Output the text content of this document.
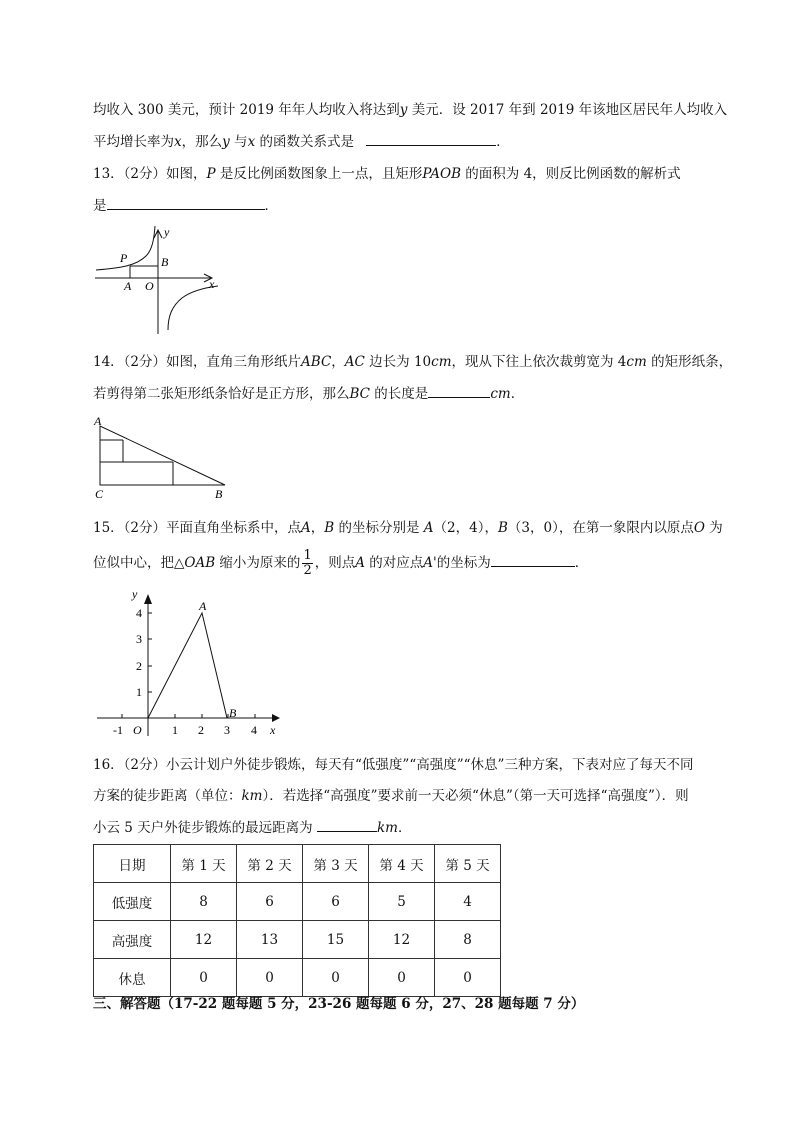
均收入 300 美元，预计 2019 年年人均收入将达到y 美元．设 2017 年到 2019 年该地区居民年人均收入
平均增长率为x，那么y 与x 的函数关系式是	．
13．（2分）如图，P 是反比例函数图象上一点，且矩形PAOB 的面积为 4，则反比例函数的解析式
是	．
y
x
P	B
A O
14．（2分）如图，直角三角形纸片ABC，AC 边长为 10cm，现从下往上依次裁剪宽为 4cm 的矩形纸条，
若剪得第二张矩形纸条恰好是正方形，那么BC 的长度是	cm．
A
C	B
15．（2分）平面直角坐标系中，点A，B 的坐标分别是 A（2，4），B（3，0），在第一象限内以原点O 为
位似中心，把△OAB 缩小为原来的 $\frac{1}{2}$ ，则点A 的对应点A'的坐标为	．
y
x
A
B
O
4
3
2
1
-1	1 2 3 4
16．（2分）小云计划户外徒步锻炼，每天有“低强度”“高强度”“休息”三种方案，下表对应了每天不同
方案的徒步距离（单位：km）．若选择“高强度”要求前一天必须“休息”（第一天可选择“高强度”）．则
小云 5 天户外徒步锻炼的最远距离为	km．
日期	第 1 天	第 2 天	第 3 天	第 4 天	第 5 天
低强度	8	6	6	5	4
高强度	12	13	15	12	8
休息	0	0	0	0	0
三、解答题（17-22 题每题 5 分，23-26 题每题 6 分，27、28 题每题 7 分）
